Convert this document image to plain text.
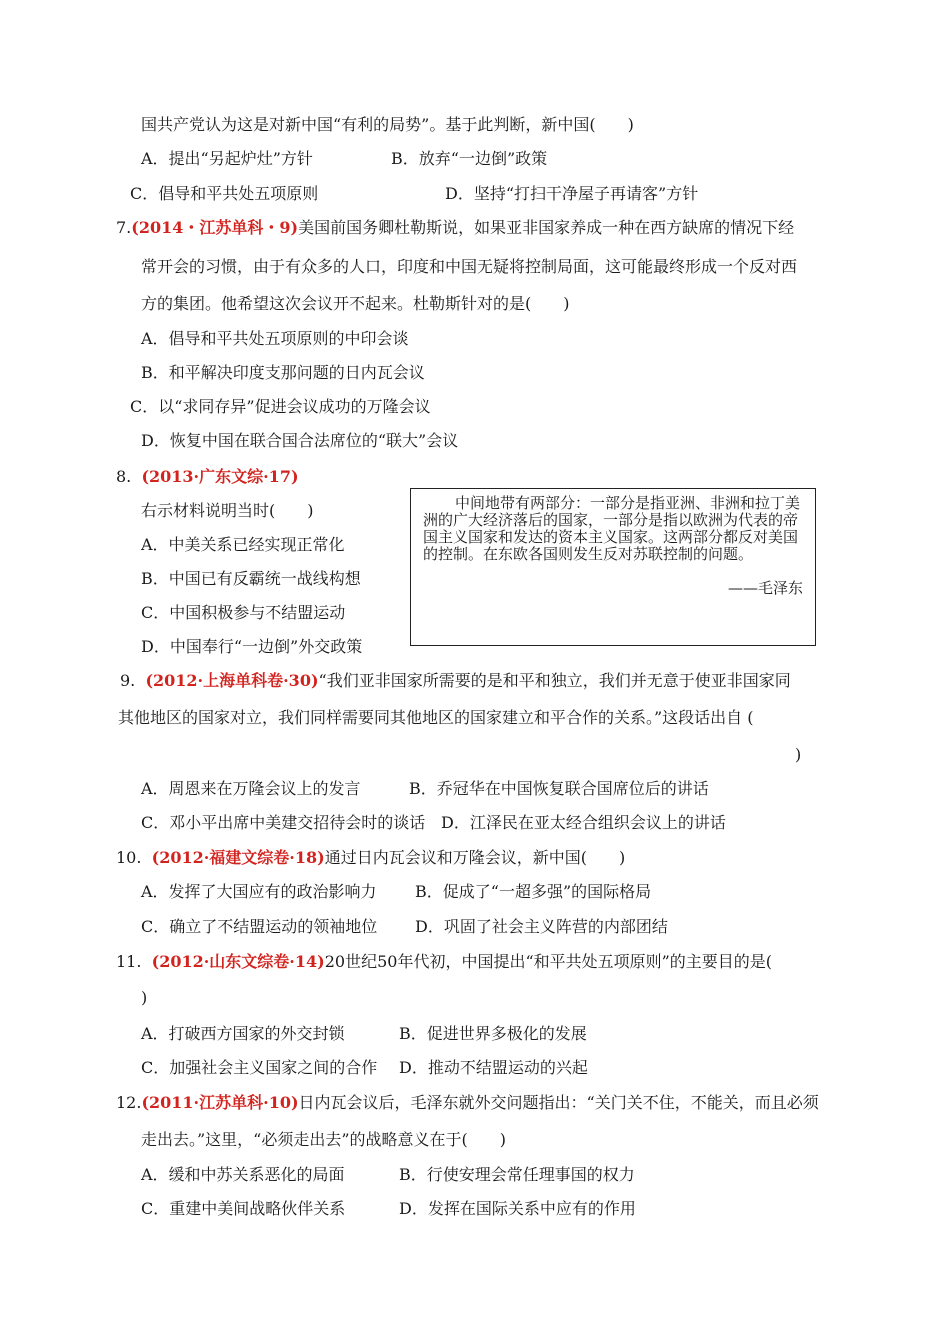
国共产党认为这是对新中国“有利的局势”。基于此判断，新中国(　　)
A．提出“另起炉灶”方针	B．放弃“一边倒”政策
C．倡导和平共处五项原则	D．坚持“打扫干净屋子再请客”方针
7.(2014・江苏单科・9)美国前国务卿杜勒斯说，如果亚非国家养成一种在西方缺席的情况下经
常开会的习惯，由于有众多的人口，印度和中国无疑将控制局面，这可能最终形成一个反对西
方的集团。他希望这次会议开不起来。杜勒斯针对的是(　　)
A．倡导和平共处五项原则的中印会谈
B．和平解决印度支那问题的日内瓦会议
C．以“求同存异”促进会议成功的万隆会议
D．恢复中国在联合国合法席位的“联大”会议
8. (2013·广东文综·17)
右示材料说明当时(　　)
A．中美关系已经实现正常化
B．中国已有反霸统一战线构想
C．中国积极参与不结盟运动
D．中国奉行“一边倒”外交政策
中间地带有两部分：一部分是指亚洲、非洲和拉丁美洲的广大经济落后的国家，一部分是指以欧洲为代表的帝国主义国家和发达的资本主义国家。这两部分都反对美国的控制。在东欧各国则发生反对苏联控制的问题。
——毛泽东
9. (2012·上海单科卷·30)“我们亚非国家所需要的是和平和独立，我们并无意于使亚非国家同
其他地区的国家对立，我们同样需要同其他地区的国家建立和平合作的关系。”这段话出自 (
)
A．周恩来在万隆会议上的发言	B．乔冠华在中国恢复联合国席位后的讲话
C．邓小平出席中美建交招待会时的谈话 D．江泽民在亚太经合组织会议上的讲话
10. (2012·福建文综卷·18)通过日内瓦会议和万隆会议，新中国(　　)
A．发挥了大国应有的政治影响力 B．促成了“一超多强”的国际格局
C．确立了不结盟运动的领袖地位 D．巩固了社会主义阵营的内部团结
11. (2012·山东文综卷·14)20世纪50年代初，中国提出“和平共处五项原则”的主要目的是(
)
A．打破西方国家的外交封锁	B．促进世界多极化的发展
C．加强社会主义国家之间的合作 D．推动不结盟运动的兴起
12.(2011·江苏单科·10)日内瓦会议后，毛泽东就外交问题指出：“关门关不住，不能关，而且必须
走出去。”这里，“必须走出去”的战略意义在于(　　)
A．缓和中苏关系恶化的局面	B．行使安理会常任理事国的权力
C．重建中美间战略伙伴关系	D．发挥在国际关系中应有的作用
